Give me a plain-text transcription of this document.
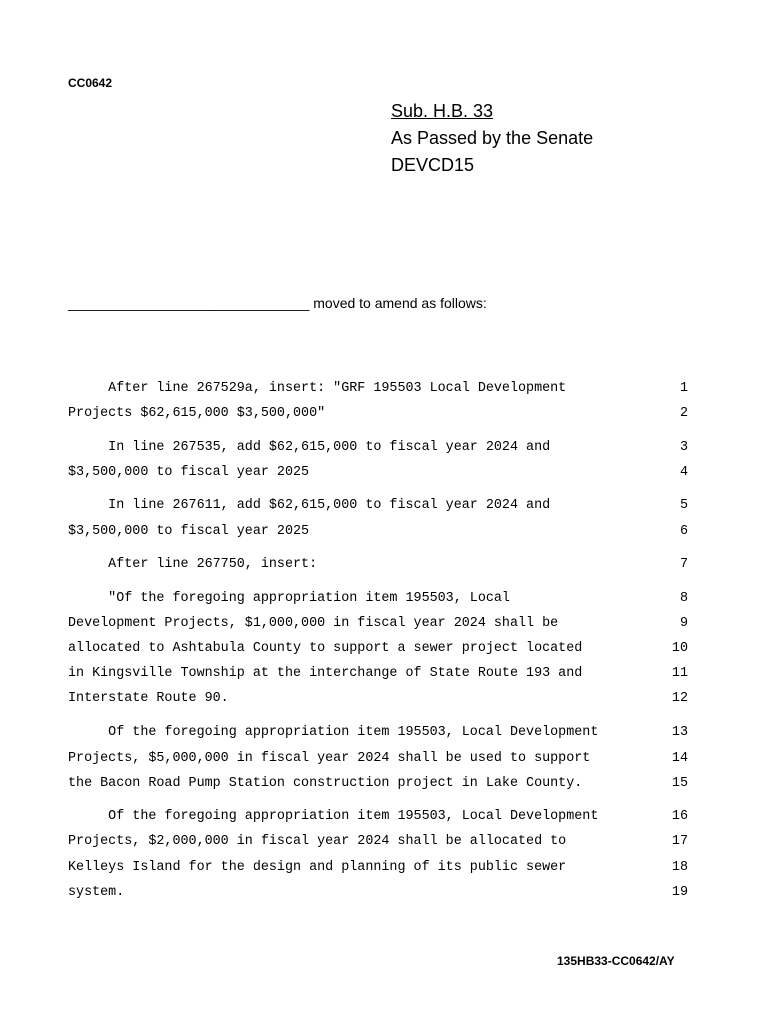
CC0642
Sub. H.B. 33
As Passed by the Senate
DEVCD15
_______________________________ moved to amend as follows:
After line 267529a, insert: "GRF 195503 Local Development	1
Projects $62,615,000 $3,500,000"	2
In line 267535, add $62,615,000 to fiscal year 2024 and	3
$3,500,000 to fiscal year 2025	4
In line 267611, add $62,615,000 to fiscal year 2024 and	5
$3,500,000 to fiscal year 2025	6
After line 267750, insert:	7
"Of the foregoing appropriation item 195503, Local	8
Development Projects, $1,000,000 in fiscal year 2024 shall be	9
allocated to Ashtabula County to support a sewer project located	10
in Kingsville Township at the interchange of State Route 193 and	11
Interstate Route 90.	12
Of the foregoing appropriation item 195503, Local Development	13
Projects, $5,000,000 in fiscal year 2024 shall be used to support	14
the Bacon Road Pump Station construction project in Lake County.	15
Of the foregoing appropriation item 195503, Local Development	16
Projects, $2,000,000 in fiscal year 2024 shall be allocated to	17
Kelleys Island for the design and planning of its public sewer	18
system.	19
135HB33-CC0642/AY
